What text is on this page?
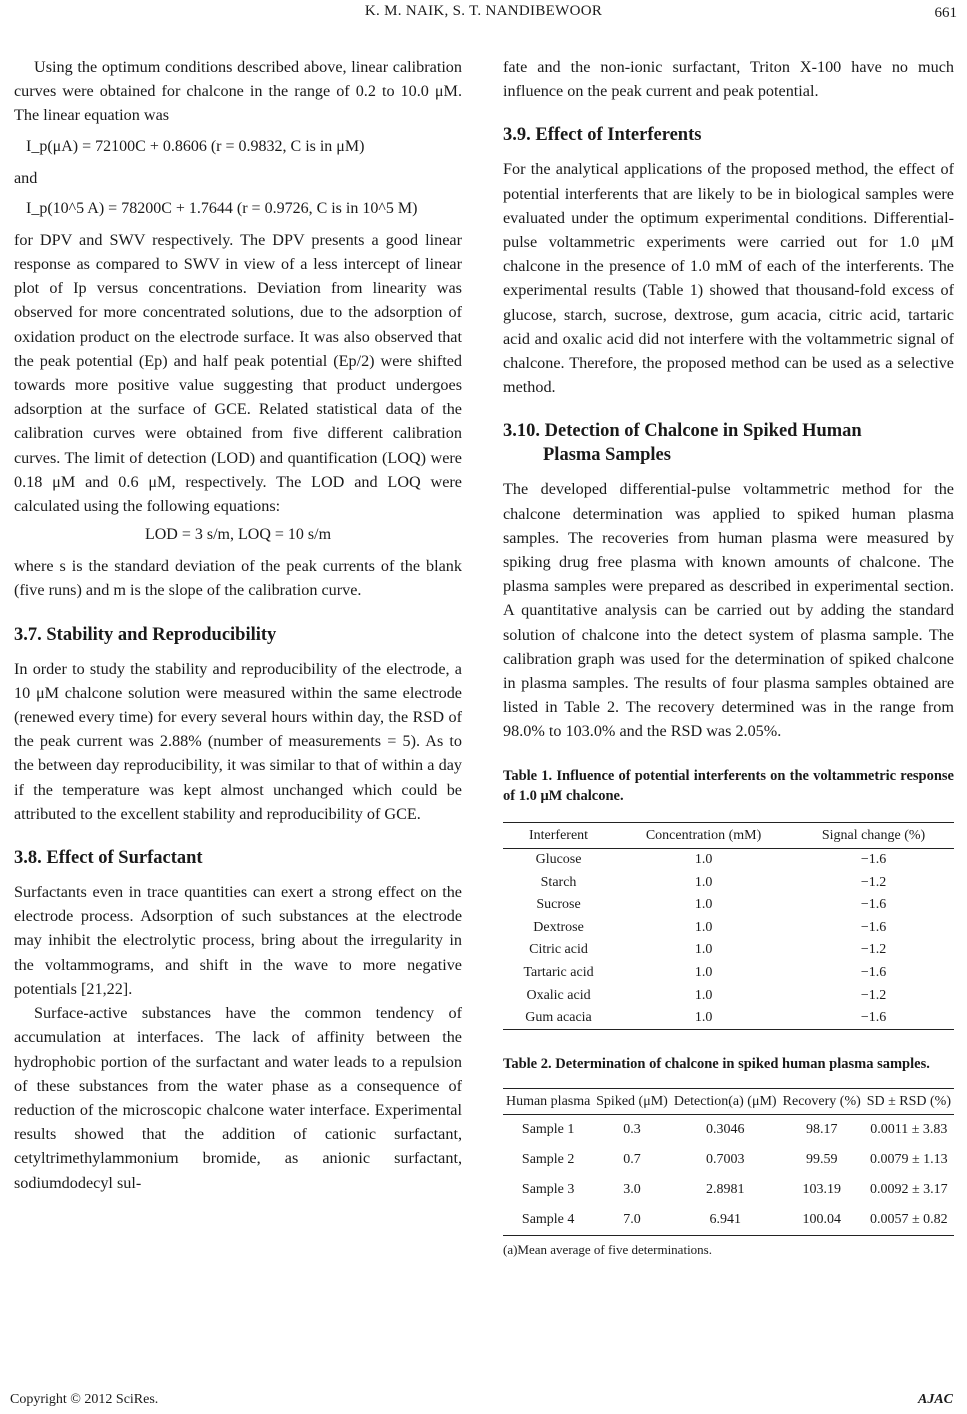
K. M. NAIK, S. T. NANDIBEWOOR	661

Using the optimum conditions described above, linear calibration curves were obtained for chalcone in the range of 0.2 to 10.0 μM. The linear equation was

I_p(μA) = 72100C + 0.8606 (r = 0.9832, C is in μM)

and

I_p(10^5 A) = 78200C + 1.7644 (r = 0.9726, C is in 10^5 M)

for DPV and SWV respectively. The DPV presents a good linear response as compared to SWV in view of a less intercept of linear plot of Ip versus concentrations. Deviation from linearity was observed for more concentrated solutions, due to the adsorption of oxidation product on the electrode surface. It was also observed that the peak potential (Ep) and half peak potential (Ep/2) were shifted towards more positive value suggesting that product undergoes adsorption at the surface of GCE. Related statistical data of the calibration curves were obtained from five different calibration curves. The limit of detection (LOD) and quantification (LOQ) were 0.18 μM and 0.6 μM, respectively. The LOD and LOQ were calculated using the following equations:

LOD = 3 s/m, LOQ = 10 s/m

where s is the standard deviation of the peak currents of the blank (five runs) and m is the slope of the calibration curve.

3.7. Stability and Reproducibility

In order to study the stability and reproducibility of the electrode, a 10 μM chalcone solution were measured within the same electrode (renewed every time) for every several hours within day, the RSD of the peak current was 2.88% (number of measurements = 5). As to the between day reproducibility, it was similar to that of within a day if the temperature was kept almost unchanged which could be attributed to the excellent stability and reproducibility of GCE.

3.8. Effect of Surfactant

Surfactants even in trace quantities can exert a strong effect on the electrode process. Adsorption of such substances at the electrode may inhibit the electrolytic process, bring about the irregularity in the voltammograms, and shift in the wave to more negative potentials [21,22].

Surface-active substances have the common tendency of accumulation at interfaces. The lack of affinity between the hydrophobic portion of the surfactant and water leads to a repulsion of these substances from the water phase as a consequence of reduction of the microscopic chalcone water interface. Experimental results showed that the addition of cationic surfactant, cetyltrimethylammonium bromide, as anionic surfactant, sodiumdodecyl sul-

fate and the non-ionic surfactant, Triton X-100 have no much influence on the peak current and peak potential.

3.9. Effect of Interferents

For the analytical applications of the proposed method, the effect of potential interferents that are likely to be in biological samples were evaluated under the optimum experimental conditions. Differential-pulse voltammetric experiments were carried out for 1.0 μM chalcone in the presence of 1.0 mM of each of the interferents. The experimental results (Table 1) showed that thousand-fold excess of glucose, starch, sucrose, dextrose, gum acacia, citric acid, tartaric acid and oxalic acid did not interfere with the voltammetric signal of chalcone. Therefore, the proposed method can be used as a selective method.

3.10. Detection of Chalcone in Spiked Human
Plasma Samples

The developed differential-pulse voltammetric method for the chalcone determination was applied to spiked human plasma samples. The recoveries from human plasma were measured by spiking drug free plasma with known amounts of chalcone. The plasma samples were prepared as described in experimental section. A quantitative analysis can be carried out by adding the standard solution of chalcone into the detect system of plasma sample. The calibration graph was used for the determination of spiked chalcone in plasma samples. The results of four plasma samples obtained are listed in Table 2. The recovery determined was in the range from 98.0% to 103.0% and the RSD was 2.05%.

Table 1. Influence of potential interferents on the voltammetric response of 1.0 μM chalcone.

Interferent	Concentration (mM)	Signal change (%)
Glucose	1.0	−1.6
Starch	1.0	−1.2
Sucrose	1.0	−1.6
Dextrose	1.0	−1.6
Citric acid	1.0	−1.2
Tartaric acid	1.0	−1.6
Oxalic acid	1.0	−1.2
Gum acacia	1.0	−1.6

Table 2. Determination of chalcone in spiked human plasma samples.

Human plasma	Spiked (μM)	Detection(a) (μM)	Recovery (%)	SD ± RSD (%)
Sample 1	0.3	0.3046	98.17	0.0011 ± 3.83
Sample 2	0.7	0.7003	99.59	0.0079 ± 1.13
Sample 3	3.0	2.8981	103.19	0.0092 ± 3.17
Sample 4	7.0	6.941	100.04	0.0057 ± 0.82
(a)Mean average of five determinations.
Copyright © 2012 SciRes.	AJAC
